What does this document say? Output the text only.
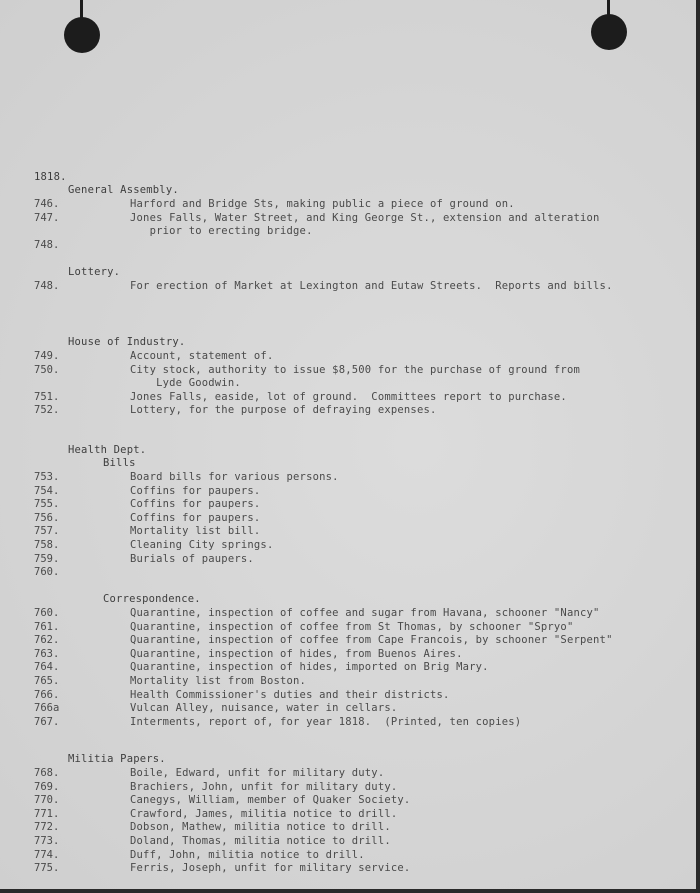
1818.
General Assembly.
746.	Harford and Bridge Sts, making public a piece of ground on.
747.	Jones Falls, Water Street, and King George St., extension and alteration
prior to erecting bridge.
748.
Lottery.
748.	For erection of Market at Lexington and Eutaw Streets.  Reports and bills.
House of Industry.
749.	Account, statement of.
750.	City stock, authority to issue $8,500 for the purchase of ground from
Lyde Goodwin.
751.	Jones Falls, easide, lot of ground.  Committees report to purchase.
752.	Lottery, for the purpose of defraying expenses.
Health Dept.
Bills
753.	Board bills for various persons.
754.	Coffins for paupers.
755.	Coffins for paupers.
756.	Coffins for paupers.
757.	Mortality list bill.
758.	Cleaning City springs.
759.	Burials of paupers.
760.
Correspondence.
760.	Quarantine, inspection of coffee and sugar from Havana, schooner "Nancy"
761.	Quarantine, inspection of coffee from St Thomas, by schooner "Spryo"
762.	Quarantine, inspection of coffee from Cape Francois, by schooner "Serpent"
763.	Quarantine, inspection of hides, from Buenos Aires.
764.	Quarantine, inspection of hides, imported on Brig Mary.
765.	Mortality list from Boston.
766.	Health Commissioner's duties and their districts.
766a	Vulcan Alley, nuisance, water in cellars.
767.	Interments, report of, for year 1818.  (Printed, ten copies)
Militia Papers.
768.	Boile, Edward, unfit for military duty.
769.	Brachiers, John, unfit for military duty.
770.	Canegys, William, member of Quaker Society.
771.	Crawford, James, militia notice to drill.
772.	Dobson, Mathew, militia notice to drill.
773.	Doland, Thomas, militia notice to drill.
774.	Duff, John, militia notice to drill.
775.	Ferris, Joseph, unfit for military service.
